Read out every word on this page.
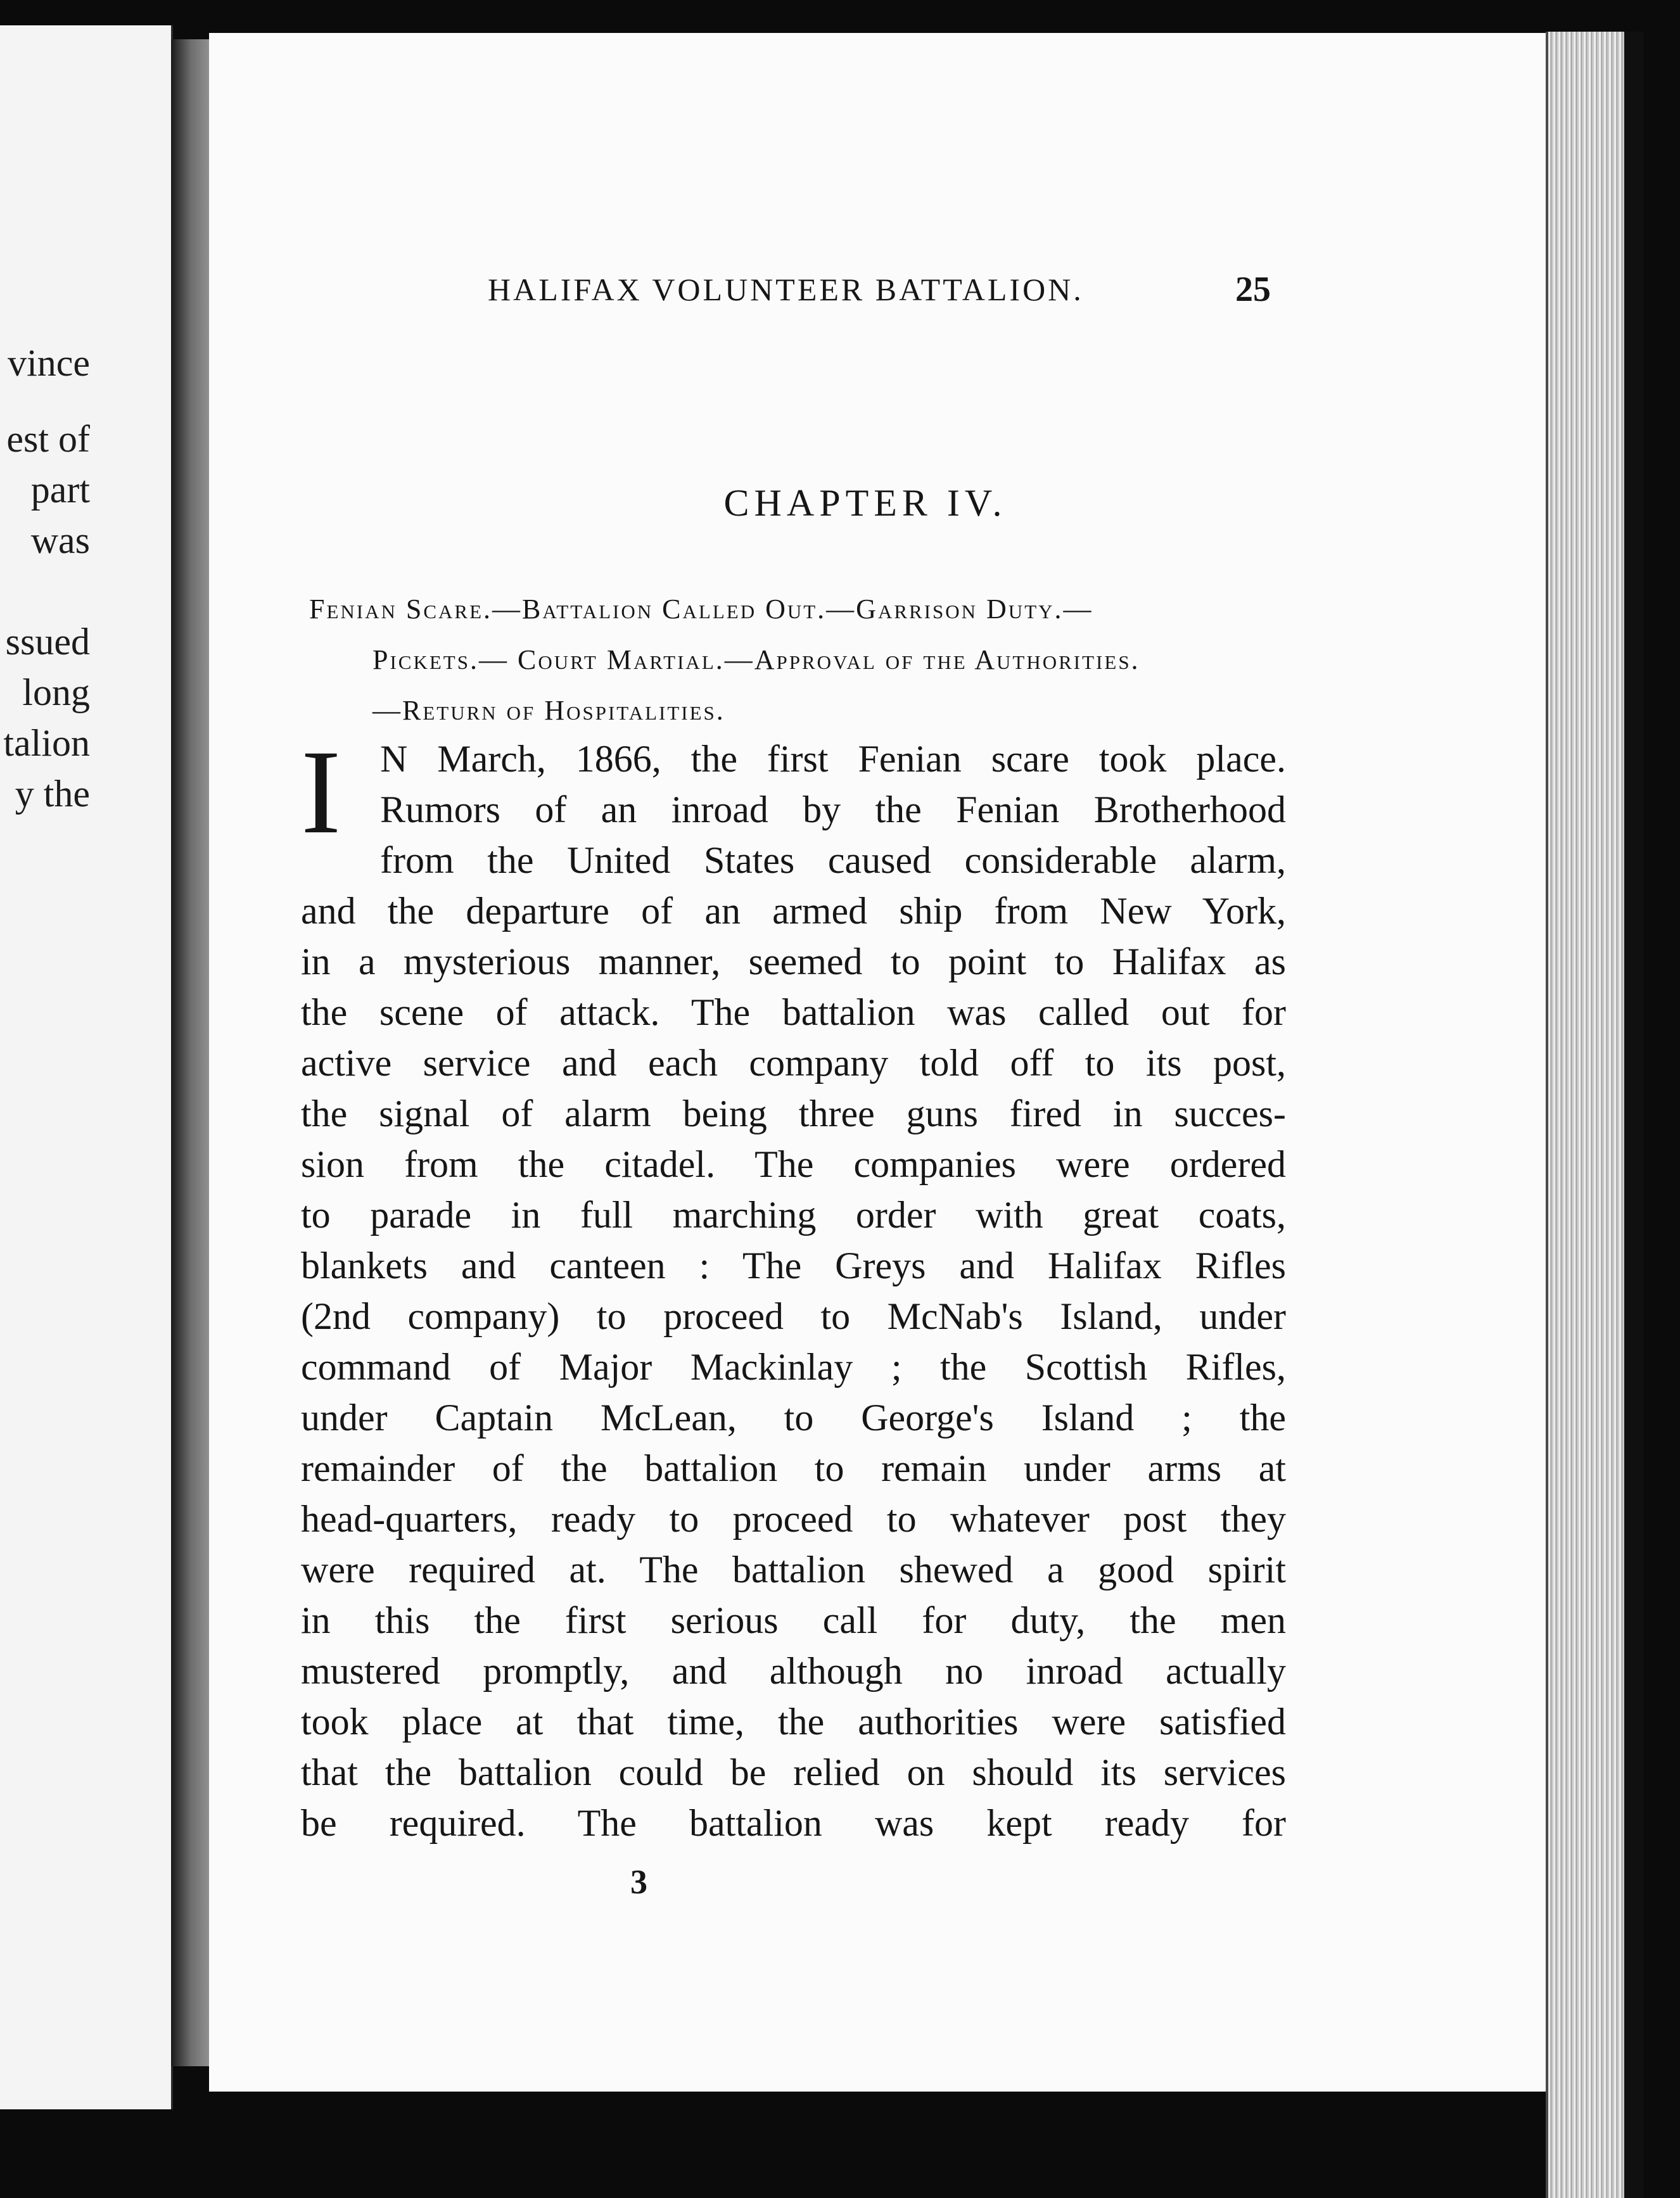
vince
est of
part
was
ssued
long
talion
y the
HALIFAX VOLUNTEER BATTALION.	25
CHAPTER IV.
Fenian Scare.—Battalion Called Out.—Garrison Duty.—
Pickets.— Court Martial.—Approval of the Authorities.
—Return of Hospitalities.
I	N March, 1866, the first Fenian scare took place.
Rumors of an inroad by the Fenian Brotherhood
from the United States caused considerable alarm,
and the departure of an armed ship from New York,
in a mysterious manner, seemed to point to Halifax as
the scene of attack. The battalion was called out for
active service and each company told off to its post,
the signal of alarm being three guns fired in succes-
sion from the citadel. The companies were ordered
to parade in full marching order with great coats,
blankets and canteen : The Greys and Halifax Rifles
(2nd company) to proceed to McNab's Island, under
command of Major Mackinlay ; the Scottish Rifles,
under Captain McLean, to George's Island ; the
remainder of the battalion to remain under arms at
head-quarters, ready to proceed to whatever post they
were required at. The battalion shewed a good spirit
in this the first serious call for duty, the men
mustered promptly, and although no inroad actually
took place at that time, the authorities were satisfied
that the battalion could be relied on should its services
be required. The battalion was kept ready for
3
